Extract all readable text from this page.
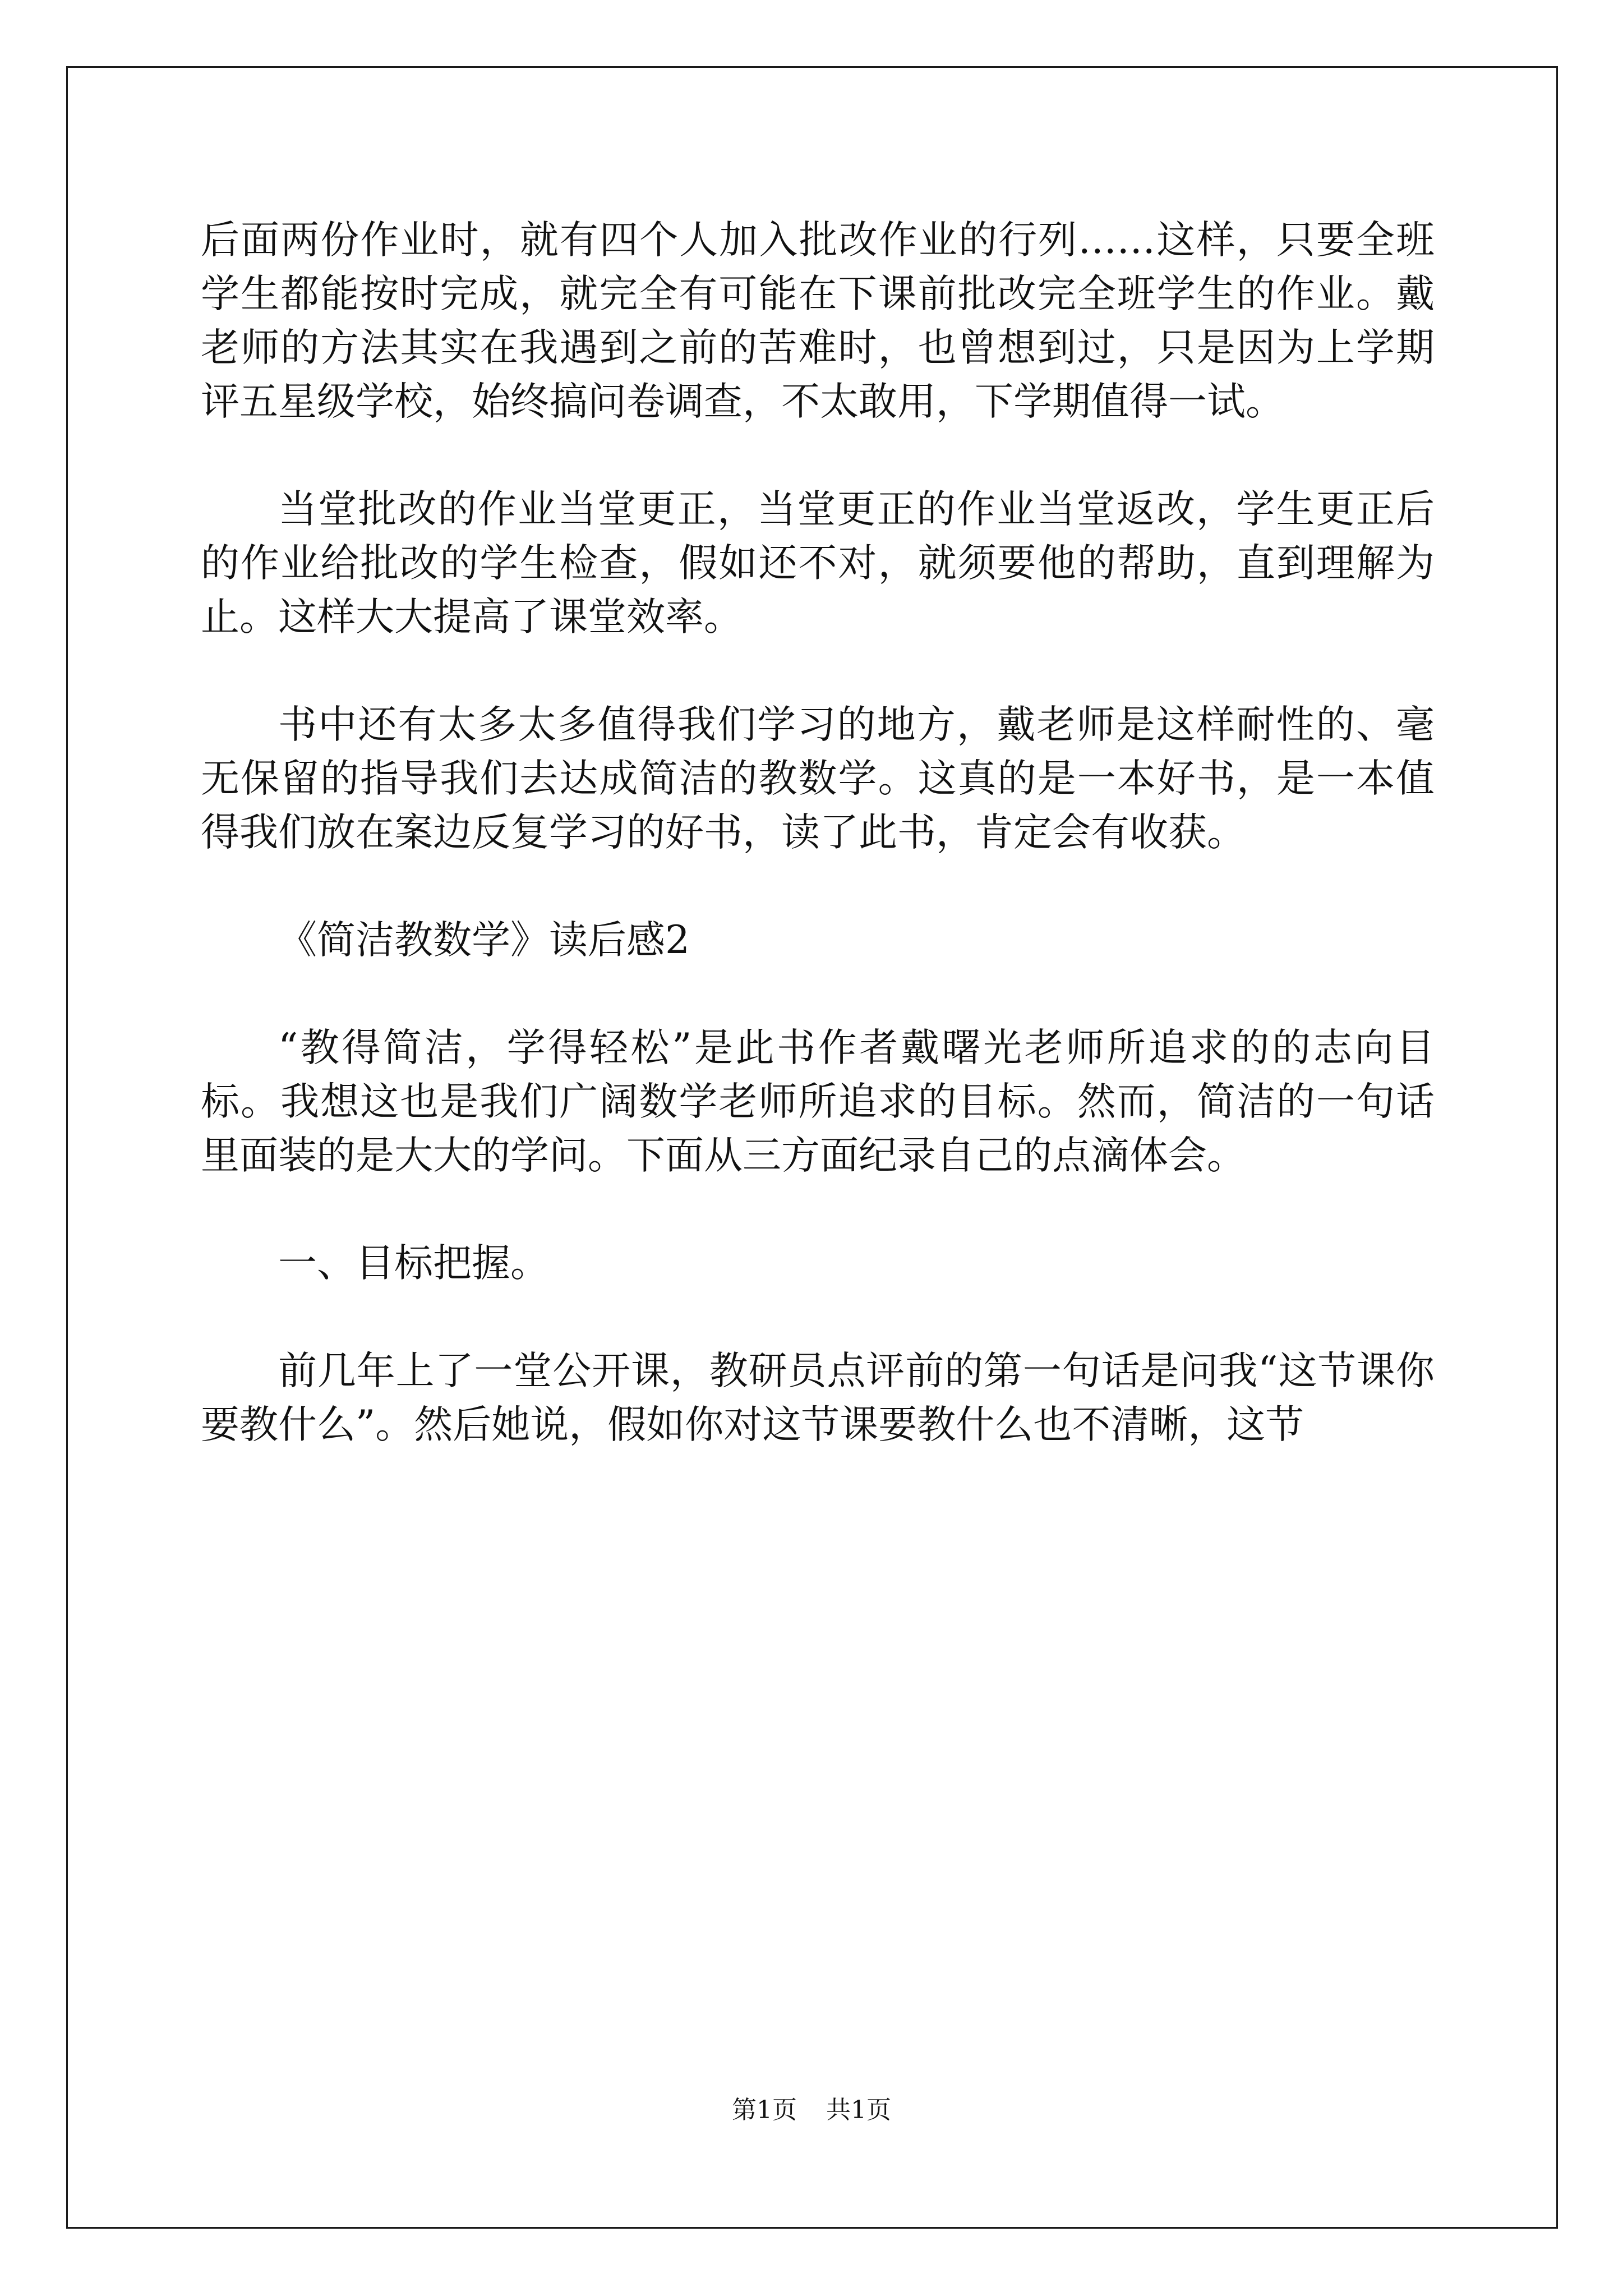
后面两份作业时，就有四个人加入批改作业的行列……这样，只要全班学生都能按时完成，就完全有可能在下课前批改完全班学生的作业。戴老师的方法其实在我遇到之前的苦难时，也曾想到过，只是因为上学期评五星级学校，始终搞问卷调查，不太敢用，下学期值得一试。

当堂批改的作业当堂更正，当堂更正的作业当堂返改，学生更正后的作业给批改的学生检查，假如还不对，就须要他的帮助，直到理解为止。这样大大提高了课堂效率。

书中还有太多太多值得我们学习的地方，戴老师是这样耐性的、毫无保留的指导我们去达成简洁的教数学。这真的是一本好书，是一本值得我们放在案边反复学习的好书，读了此书，肯定会有收获。

《简洁教数学》读后感2

“教得简洁，学得轻松”是此书作者戴曙光老师所追求的的志向目标。我想这也是我们广阔数学老师所追求的目标。然而，简洁的一句话里面装的是大大的学问。下面从三方面纪录自己的点滴体会。

一、目标把握。

前几年上了一堂公开课，教研员点评前的第一句话是问我“这节课你要教什么”。然后她说，假如你对这节课要教什么也不清晰，这节

第1页 共1页
